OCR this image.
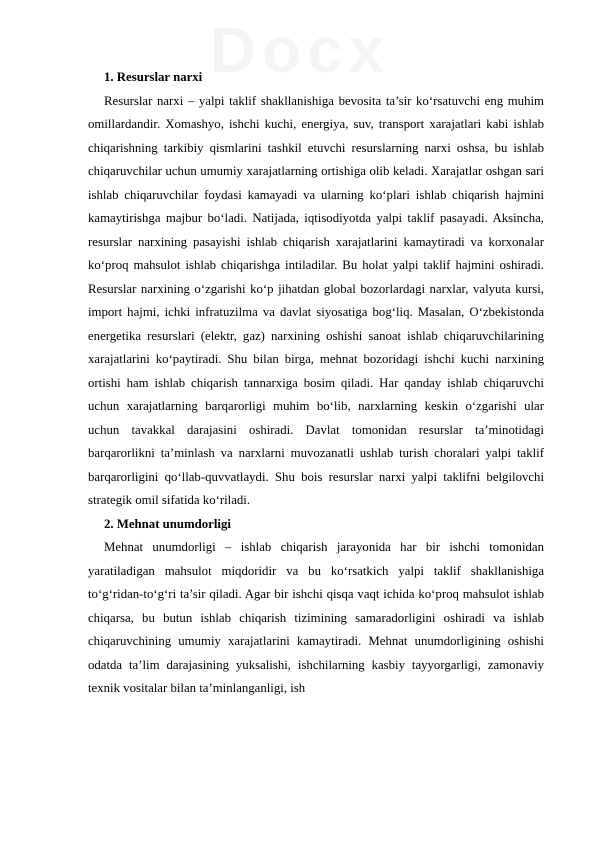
Docx

1. Resurslar narxi

Resurslar narxi – yalpi taklif shakllanishiga bevosita ta’sir ko‘rsatuvchi eng muhim omillardandir. Xomashyo, ishchi kuchi, energiya, suv, transport xarajatlari kabi ishlab chiqarishning tarkibiy qismlarini tashkil etuvchi resurslarning narxi oshsa, bu ishlab chiqaruvchilar uchun umumiy xarajatlarning ortishiga olib keladi. Xarajatlar oshgan sari ishlab chiqaruvchilar foydasi kamayadi va ularning ko‘plari ishlab chiqarish hajmini kamaytirishga majbur bo‘ladi. Natijada, iqtisodiyotda yalpi taklif pasayadi. Aksincha, resurslar narxining pasayishi ishlab chiqarish xarajatlarini kamaytiradi va korxonalar ko‘proq mahsulot ishlab chiqarishga intiladilar. Bu holat yalpi taklif hajmini oshiradi. Resurslar narxining o‘zgarishi ko‘p jihatdan global bozorlardagi narxlar, valyuta kursi, import hajmi, ichki infratuzilma va davlat siyosatiga bog‘liq. Masalan, O‘zbekistonda energetika resurslari (elektr, gaz) narxining oshishi sanoat ishlab chiqaruvchilarining xarajatlarini ko‘paytiradi. Shu bilan birga, mehnat bozoridagi ishchi kuchi narxining ortishi ham ishlab chiqarish tannarxiga bosim qiladi. Har qanday ishlab chiqaruvchi uchun xarajatlarning barqarorligi muhim bo‘lib, narxlarning keskin o‘zgarishi ular uchun tavakkal darajasini oshiradi. Davlat tomonidan resurslar ta’minotidagi barqarorlikni ta’minlash va narxlarni muvozanatli ushlab turish choralari yalpi taklif barqarorligini qo‘llab-quvvatlaydi. Shu bois resurslar narxi yalpi taklifni belgilovchi strategik omil sifatida ko‘riladi.

2. Mehnat unumdorligi

Mehnat unumdorligi – ishlab chiqarish jarayonida har bir ishchi tomonidan yaratiladigan mahsulot miqdoridir va bu ko‘rsatkich yalpi taklif shakllanishiga to‘g‘ridan-to‘g‘ri ta’sir qiladi. Agar bir ishchi qisqa vaqt ichida ko‘proq mahsulot ishlab chiqarsa, bu butun ishlab chiqarish tizimining samaradorligini oshiradi va ishlab chiqaruvchining umumiy xarajatlarini kamaytiradi. Mehnat unumdorligining oshishi odatda ta’lim darajasining yuksalishi, ishchilarning kasbiy tayyorgarligi, zamonaviy texnik vositalar bilan ta’minlanganligi, ish
